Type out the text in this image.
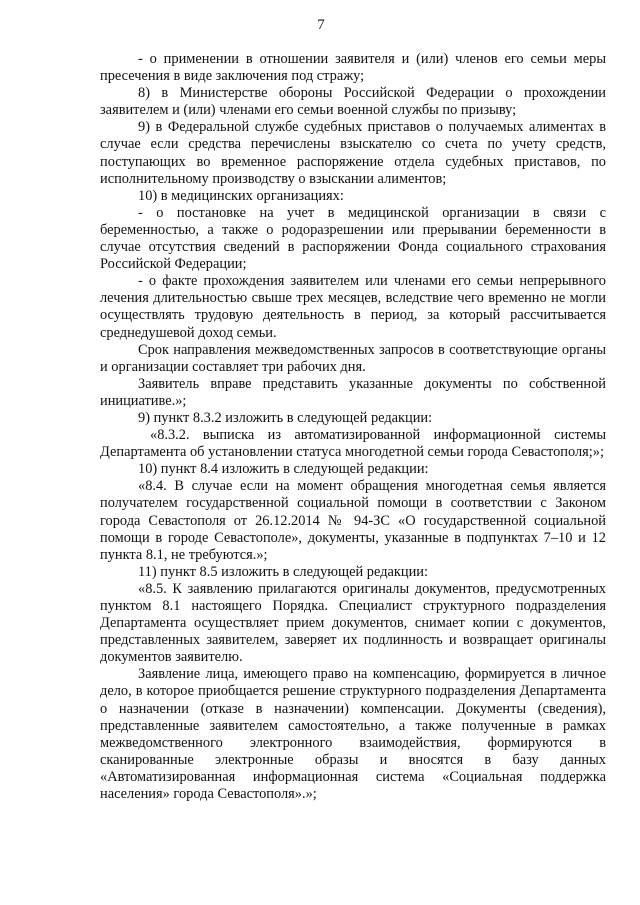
7

- о применении в отношении заявителя и (или) членов его семьи меры пресечения в виде заключения под стражу;

8) в Министерстве обороны Российской Федерации о прохождении заявителем и (или) членами его семьи военной службы по призыву;

9) в Федеральной службе судебных приставов о получаемых алиментах в случае если средства перечислены взыскателю со счета по учету средств, поступающих во временное распоряжение отдела судебных приставов, по исполнительному производству о взыскании алиментов;

10) в медицинских организациях:

- о постановке на учет в медицинской организации в связи с беременностью, а также о родоразрешении или прерывании беременности в случае отсутствия сведений в распоряжении Фонда социального страхования Российской Федерации;

- о факте прохождения заявителем или членами его семьи непрерывного лечения длительностью свыше трех месяцев, вследствие чего временно не могли осуществлять трудовую деятельность в период, за который рассчитывается среднедушевой доход семьи.

Срок направления межведомственных запросов в соответствующие органы и организации составляет три рабочих дня.

Заявитель вправе представить указанные документы по собственной инициативе.»;

9) пункт 8.3.2 изложить в следующей редакции:

«8.3.2. выписка из автоматизированной информационной системы Департамента об установлении статуса многодетной семьи города Севастополя;»;

10) пункт 8.4 изложить в следующей редакции:

«8.4. В случае если на момент обращения многодетная семья является получателем государственной социальной помощи в соответствии с Законом города Севастополя от 26.12.2014 № 94-ЗС «О государственной социальной помощи в городе Севастополе», документы, указанные в подпунктах 7–10 и 12 пункта 8.1, не требуются.»;

11) пункт 8.5 изложить в следующей редакции:

«8.5. К заявлению прилагаются оригиналы документов, предусмотренных пунктом 8.1 настоящего Порядка. Специалист структурного подразделения Департамента осуществляет прием документов, снимает копии с документов, представленных заявителем, заверяет их подлинность и возвращает оригиналы документов заявителю.

Заявление лица, имеющего право на компенсацию, формируется в личное дело, в которое приобщается решение структурного подразделения Департамента о назначении (отказе в назначении) компенсации. Документы (сведения), представленные заявителем самостоятельно, а также полученные в рамках межведомственного электронного взаимодействия, формируются в сканированные электронные образы и вносятся в базу данных «Автоматизированная информационная система «Социальная поддержка населения» города Севастополя».»;
